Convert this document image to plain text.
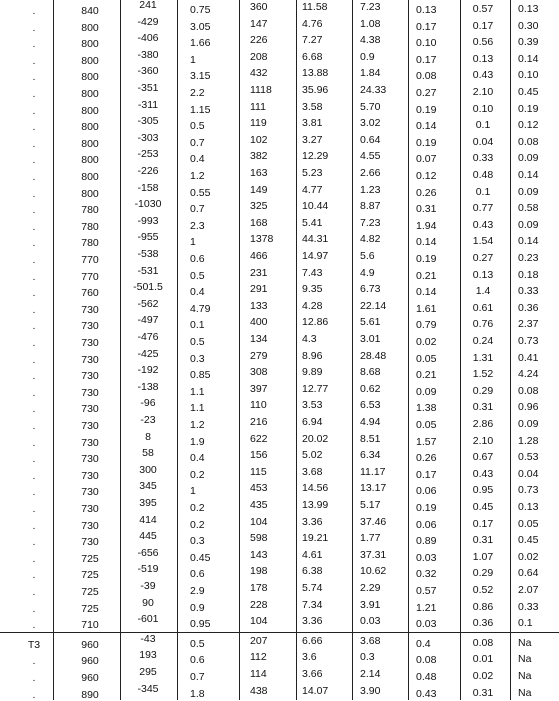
.	840	241	0.75	360	11.58	7.23	0.13	0.57	0.13
.	800	-429	3.05	147	4.76	1.08	0.17	0.17	0.30
.	800	-406	1.66	226	7.27	4.38	0.10	0.56	0.39
.	800	-380	1	208	6.68	0.9	0.17	0.13	0.14
.	800	-360	3.15	432	13.88	1.84	0.08	0.43	0.10
.	800	-351	2.2	1118	35.96	24.33	0.27	2.10	0.45
.	800	-311	1.15	111	3.58	5.70	0.19	0.10	0.19
.	800	-305	0.5	119	3.81	3.02	0.14	0.1	0.12
.	800	-303	0.7	102	3.27	0.64	0.19	0.04	0.08
.	800	-253	0.4	382	12.29	4.55	0.07	0.33	0.09
.	800	-226	1.2	163	5.23	2.66	0.12	0.48	0.14
.	800	-158	0.55	149	4.77	1.23	0.26	0.1	0.09
.	780	-1030	0.7	325	10.44	8.87	0.31	0.77	0.58
.	780	-993	2.3	168	5.41	7.23	1.94	0.43	0.09
.	780	-955	1	1378	44.31	4.82	0.14	1.54	0.14
.	770	-538	0.6	466	14.97	5.6	0.19	0.27	0.23
.	770	-531	0.5	231	7.43	4.9	0.21	0.13	0.18
.	760	-501.5	0.4	291	9.35	6.73	0.14	1.4	0.33
.	730	-562	4.79	133	4.28	22.14	1.61	0.61	0.36
.	730	-497	0.1	400	12.86	5.61	0.79	0.76	2.37
.	730	-476	0.5	134	4.3	3.01	0.02	0.24	0.73
.	730	-425	0.3	279	8.96	28.48	0.05	1.31	0.41
.	730	-192	0.85	308	9.89	8.68	0.21	1.52	4.24
.	730	-138	1.1	397	12.77	0.62	0.09	0.29	0.08
.	730	-96	1.1	110	3.53	6.53	1.38	0.31	0.96
.	730	-23	1.2	216	6.94	4.94	0.05	2.86	0.09
.	730	8	1.9	622	20.02	8.51	1.57	2.10	1.28
.	730	58	0.4	156	5.02	6.34	0.26	0.67	0.53
.	730	300	0.2	115	3.68	11.17	0.17	0.43	0.04
.	730	345	1	453	14.56	13.17	0.06	0.95	0.73
.	730	395	0.2	435	13.99	5.17	0.19	0.45	0.13
.	730	414	0.2	104	3.36	37.46	0.06	0.17	0.05
.	730	445	0.3	598	19.21	1.77	0.89	0.31	0.45
.	725	-656	0.45	143	4.61	37.31	0.03	1.07	0.02
.	725	-519	0.6	198	6.38	10.62	0.32	0.29	0.64
.	725	-39	2.9	178	5.74	2.29	0.57	0.52	2.07
.	725	90	0.9	228	7.34	3.91	1.21	0.86	0.33
.	710	-601	0.95	104	3.36	0.03	0.03	0.36	0.1
T3	960	-43	0.5	207	6.66	3.68	0.4	0.08	Na
.	960	193	0.6	112	3.6	0.3	0.08	0.01	Na
.	960	295	0.7	114	3.66	2.14	0.48	0.02	Na
.	890	-345	1.8	438	14.07	3.90	0.43	0.31	Na
